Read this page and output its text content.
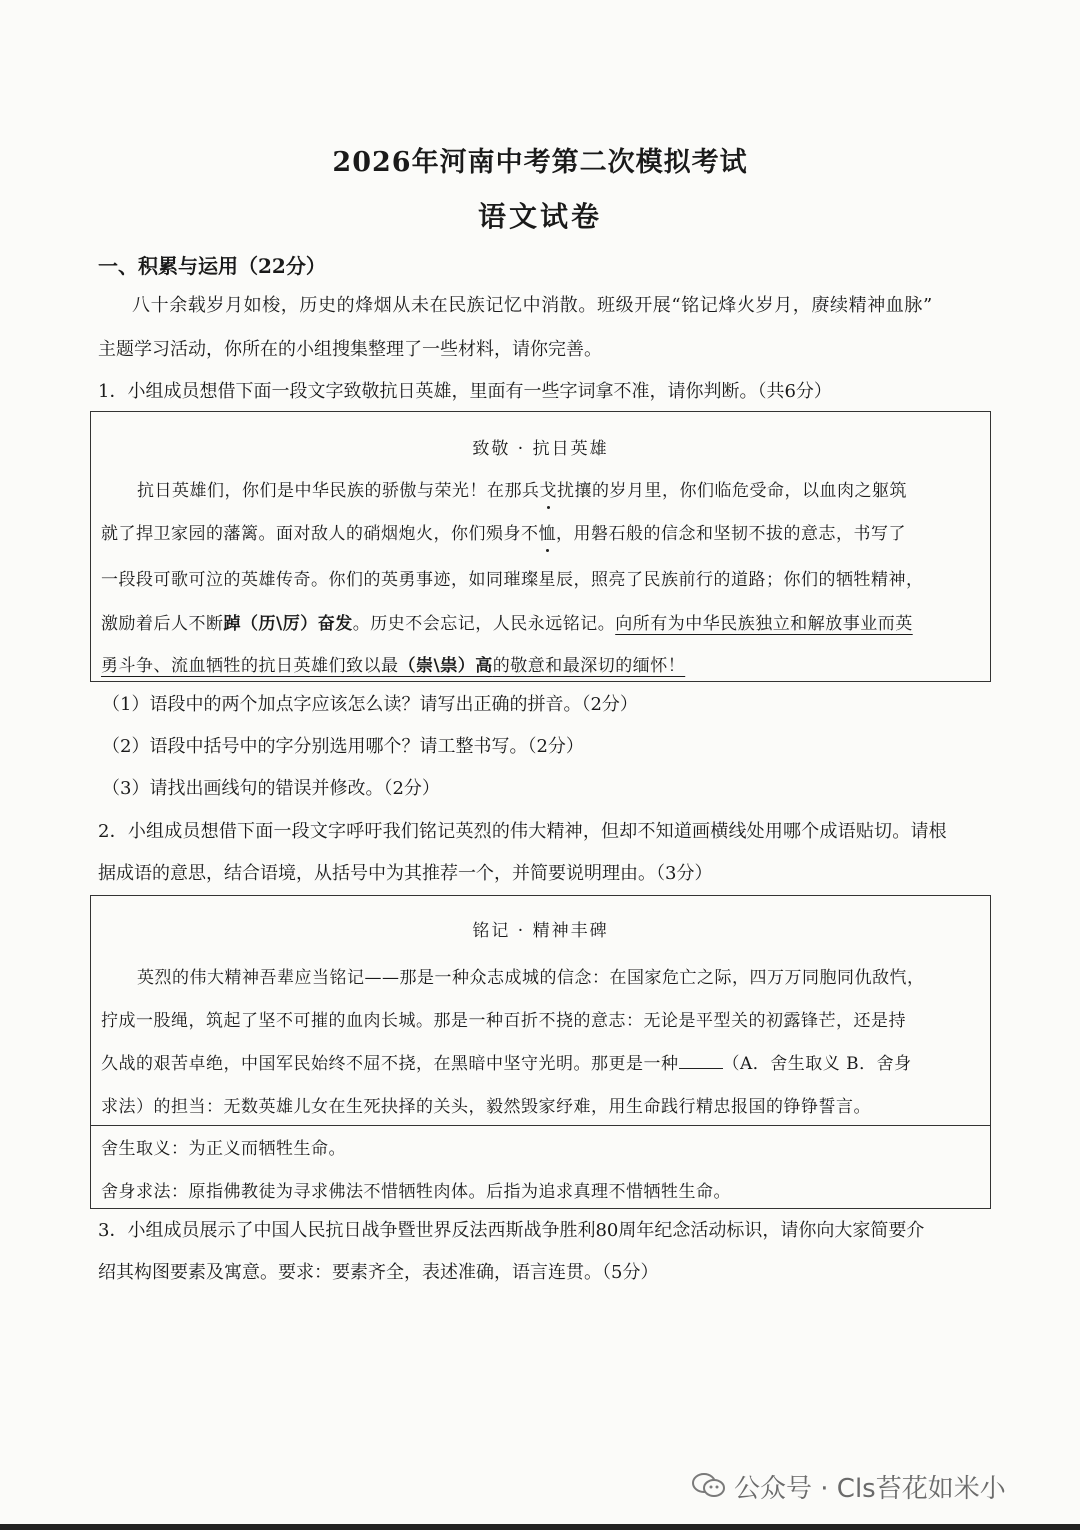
2026年河南中考第二次模拟考试
语文试卷
一、积累与运用（22分）
八十余载岁月如梭，历史的烽烟从未在民族记忆中消散。班级开展“铭记烽火岁月，赓续精神血脉”
主题学习活动，你所在的小组搜集整理了一些材料，请你完善。
1．小组成员想借下面一段文字致敬抗日英雄，里面有一些字词拿不准，请你判断。（共6分）
致敬 · 抗日英雄
抗日英雄们，你们是中华民族的骄傲与荣光！在那兵戈扰攘的岁月里，你们临危受命，以血肉之躯筑
就了捍卫家园的藩篱。面对敌人的硝烟炮火，你们殒身不恤，用磐石般的信念和坚韧不拔的意志，书写了
一段段可歌可泣的英雄传奇。你们的英勇事迹，如同璀璨星辰，照亮了民族前行的道路；你们的牺牲精神，
激励着后人不断踔（历\厉）奋发。历史不会忘记，人民永远铭记。向所有为中华民族独立和解放事业而英
勇斗争、流血牺牲的抗日英雄们致以最（崇\祟）高的敬意和最深切的缅怀！
（1）语段中的两个加点字应该怎么读？请写出正确的拼音。（2分）
（2）语段中括号中的字分别选用哪个？请工整书写。（2分）
（3）请找出画线句的错误并修改。（2分）
2．小组成员想借下面一段文字呼吁我们铭记英烈的伟大精神，但却不知道画横线处用哪个成语贴切。请根
据成语的意思，结合语境，从括号中为其推荐一个，并简要说明理由。（3分）
铭记 · 精神丰碑
英烈的伟大精神吾辈应当铭记——那是一种众志成城的信念：在国家危亡之际，四万万同胞同仇敌忾，
拧成一股绳，筑起了坚不可摧的血肉长城。那是一种百折不挠的意志：无论是平型关的初露锋芒，还是持
久战的艰苦卓绝，中国军民始终不屈不挠，在黑暗中坚守光明。那更是一种	（A．舍生取义 B．舍身
求法）的担当：无数英雄儿女在生死抉择的关头，毅然毁家纾难，用生命践行精忠报国的铮铮誓言。
舍生取义：为正义而牺牲生命。
舍身求法：原指佛教徒为寻求佛法不惜牺牲肉体。后指为追求真理不惜牺牲生命。
3．小组成员展示了中国人民抗日战争暨世界反法西斯战争胜利80周年纪念活动标识，请你向大家简要介
绍其构图要素及寓意。要求：要素齐全，表述准确，语言连贯。（5分）
公众号 · Cls苔花如米小
